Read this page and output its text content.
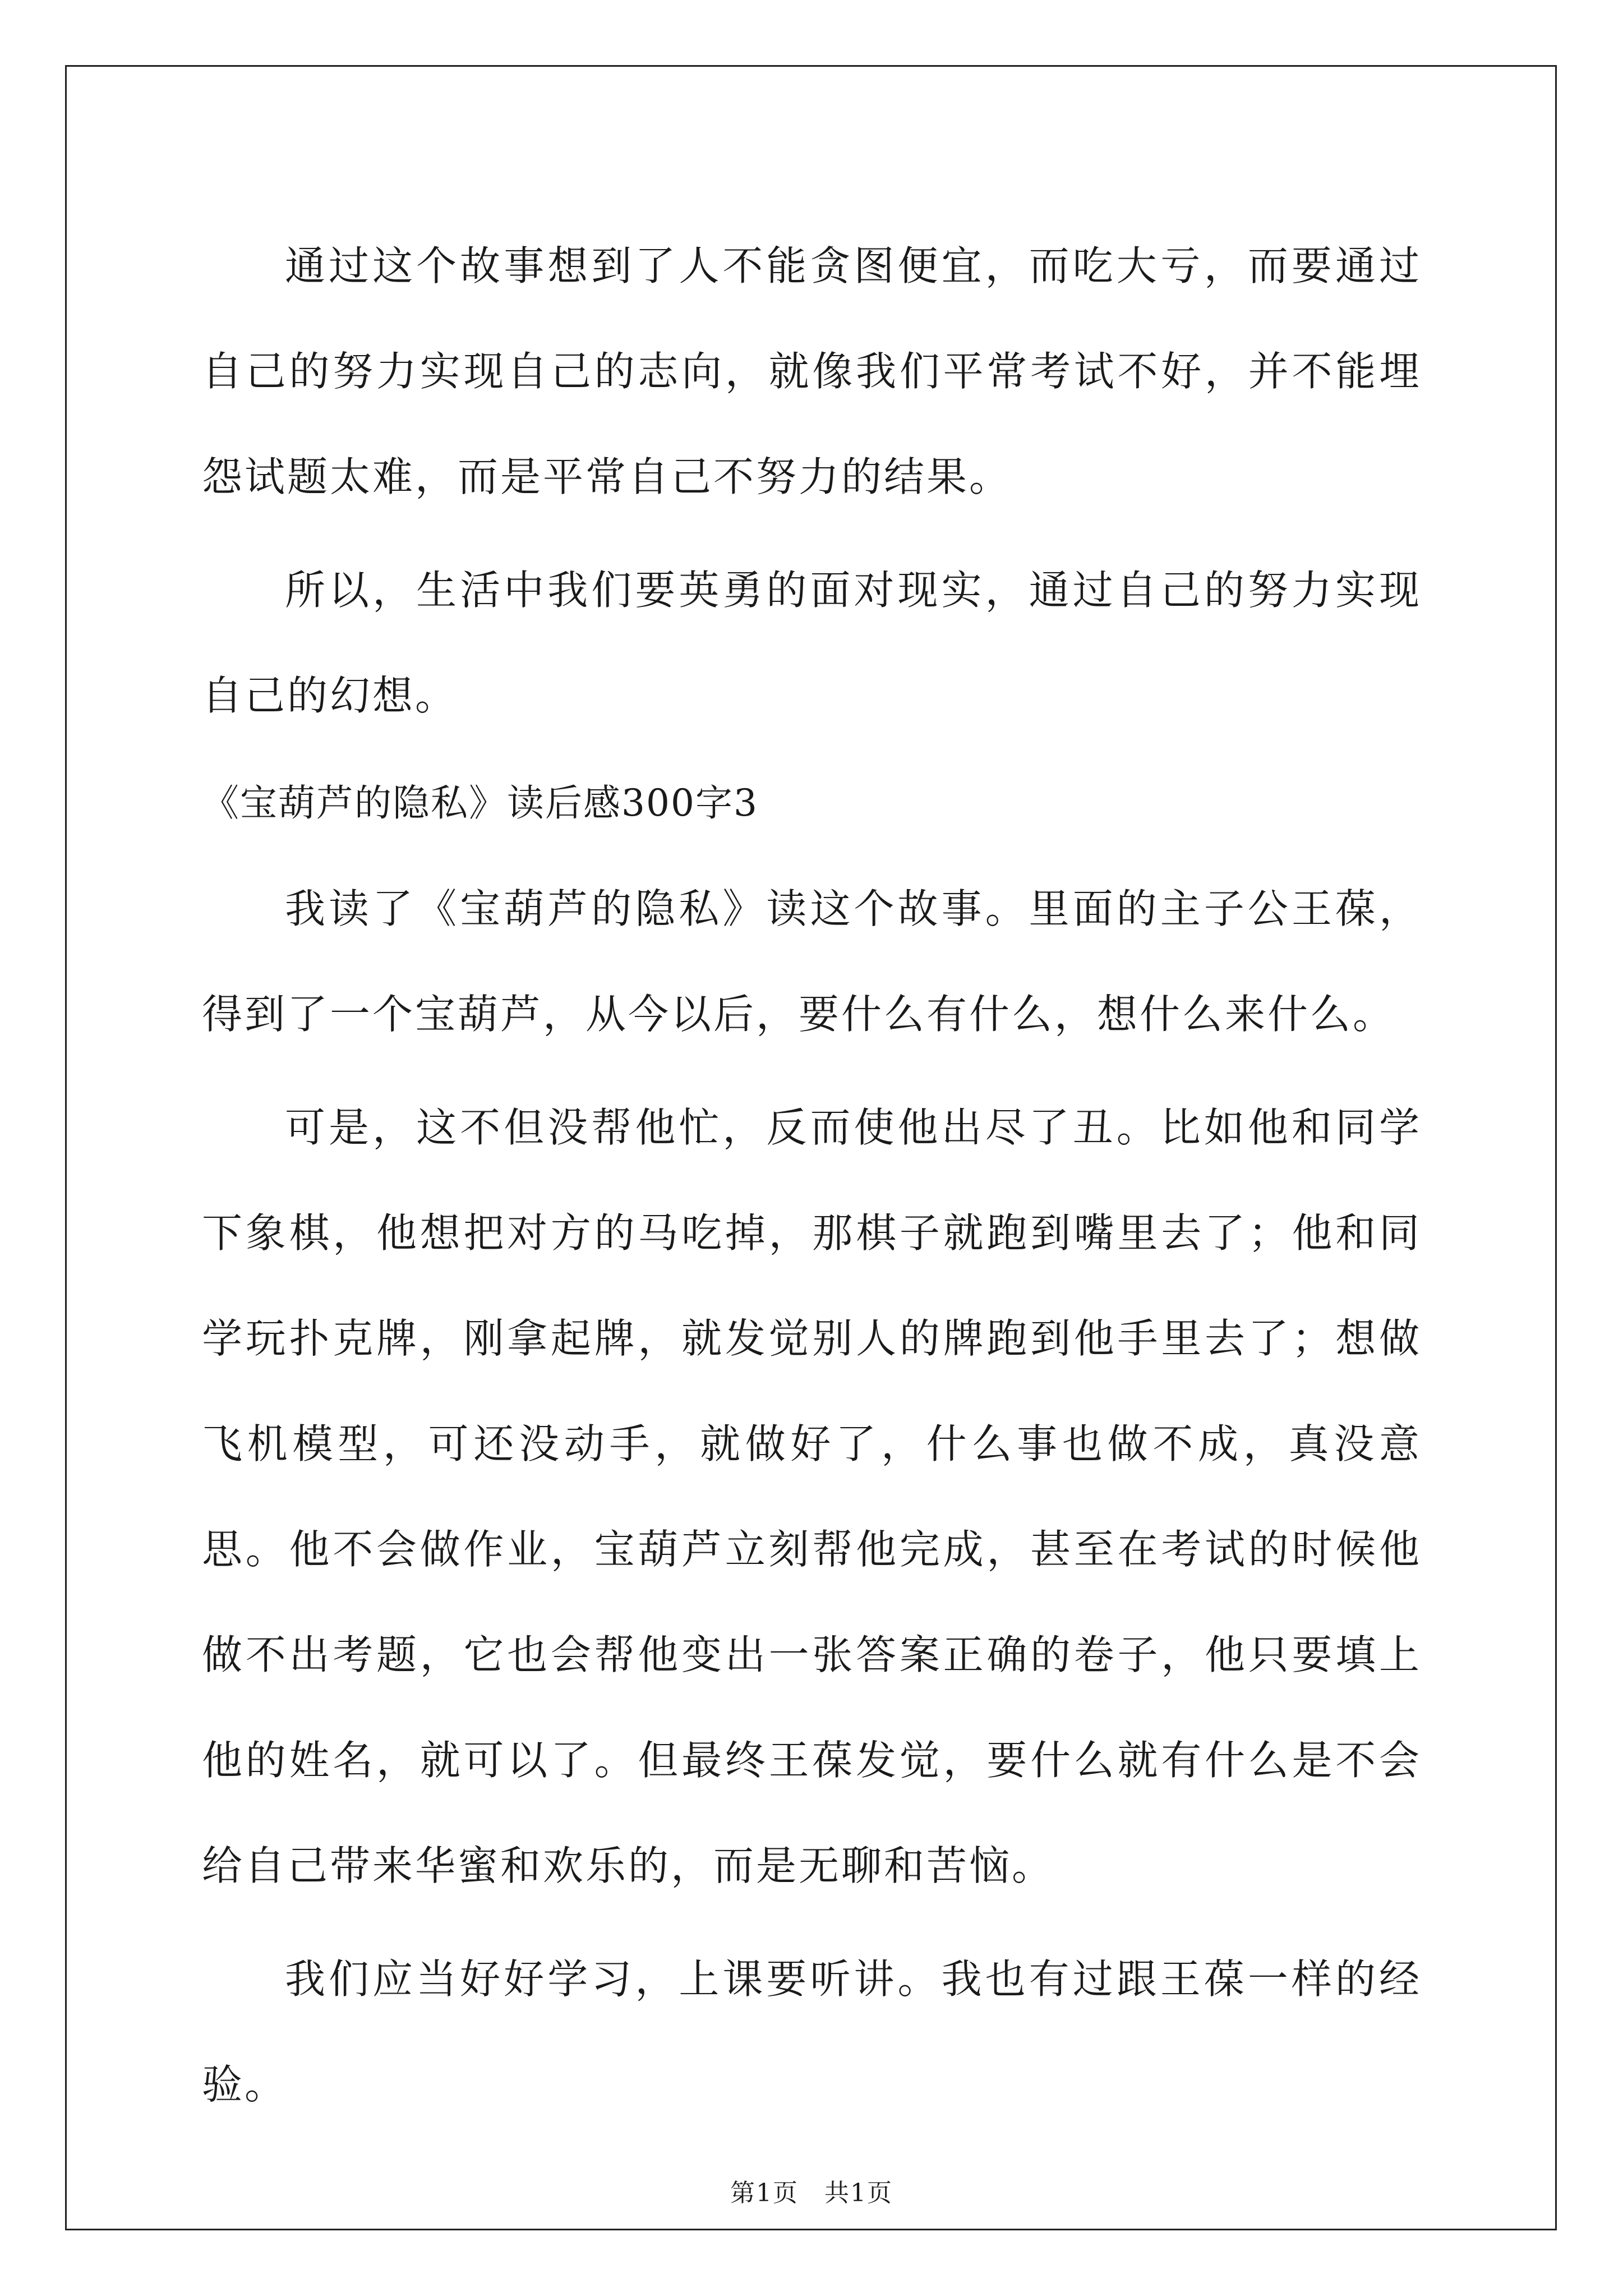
通过这个故事想到了人不能贪图便宜，而吃大亏，而要通过自己的努力实现自己的志向，就像我们平常考试不好，并不能埋怨试题太难，而是平常自己不努力的结果。

所以，生活中我们要英勇的面对现实，通过自己的努力实现自己的幻想。

《宝葫芦的隐私》读后感300字3

我读了《宝葫芦的隐私》读这个故事。里面的主子公王葆，得到了一个宝葫芦，从今以后，要什么有什么，想什么来什么。

可是，这不但没帮他忙，反而使他出尽了丑。比如他和同学下象棋，他想把对方的马吃掉，那棋子就跑到嘴里去了；他和同学玩扑克牌，刚拿起牌，就发觉别人的牌跑到他手里去了；想做飞机模型，可还没动手，就做好了，什么事也做不成，真没意思。他不会做作业，宝葫芦立刻帮他完成，甚至在考试的时候他做不出考题，它也会帮他变出一张答案正确的卷子，他只要填上他的姓名，就可以了。但最终王葆发觉，要什么就有什么是不会给自己带来华蜜和欢乐的，而是无聊和苦恼。

我们应当好好学习，上课要听讲。我也有过跟王葆一样的经验。

第1页　共1页
